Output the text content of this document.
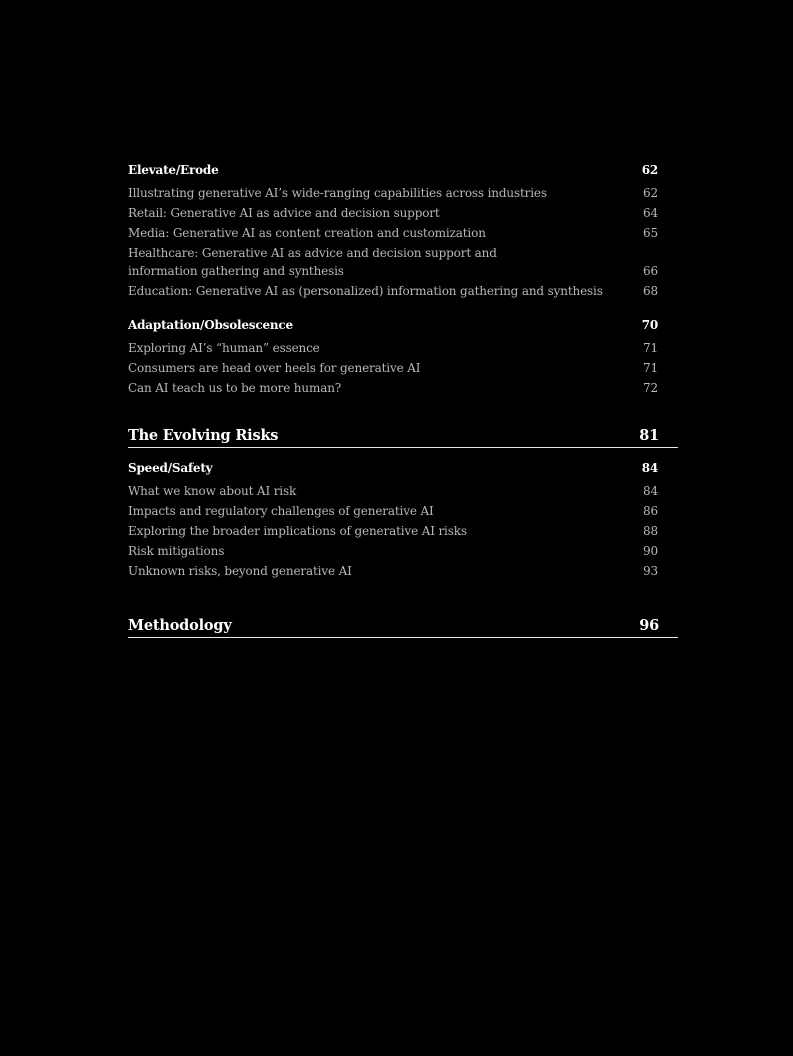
Elevate/Erode	62
Illustrating generative AI’s wide-ranging capabilities across industries	62
Retail: Generative AI as advice and decision support	64
Media: Generative AI as content creation and customization	65
Healthcare: Generative AI as advice and decision support and
information gathering and synthesis	66
Education: Generative AI as (personalized) information gathering and synthesis	68
Adaptation/Obsolescence	70
Exploring AI’s “human” essence	71
Consumers are head over heels for generative AI	71
Can AI teach us to be more human?	72
The Evolving Risks	81
Speed/Safety	84
What we know about AI risk	84
Impacts and regulatory challenges of generative AI	86
Exploring the broader implications of generative AI risks	88
Risk mitigations	90
Unknown risks, beyond generative AI	93
Methodology	96
